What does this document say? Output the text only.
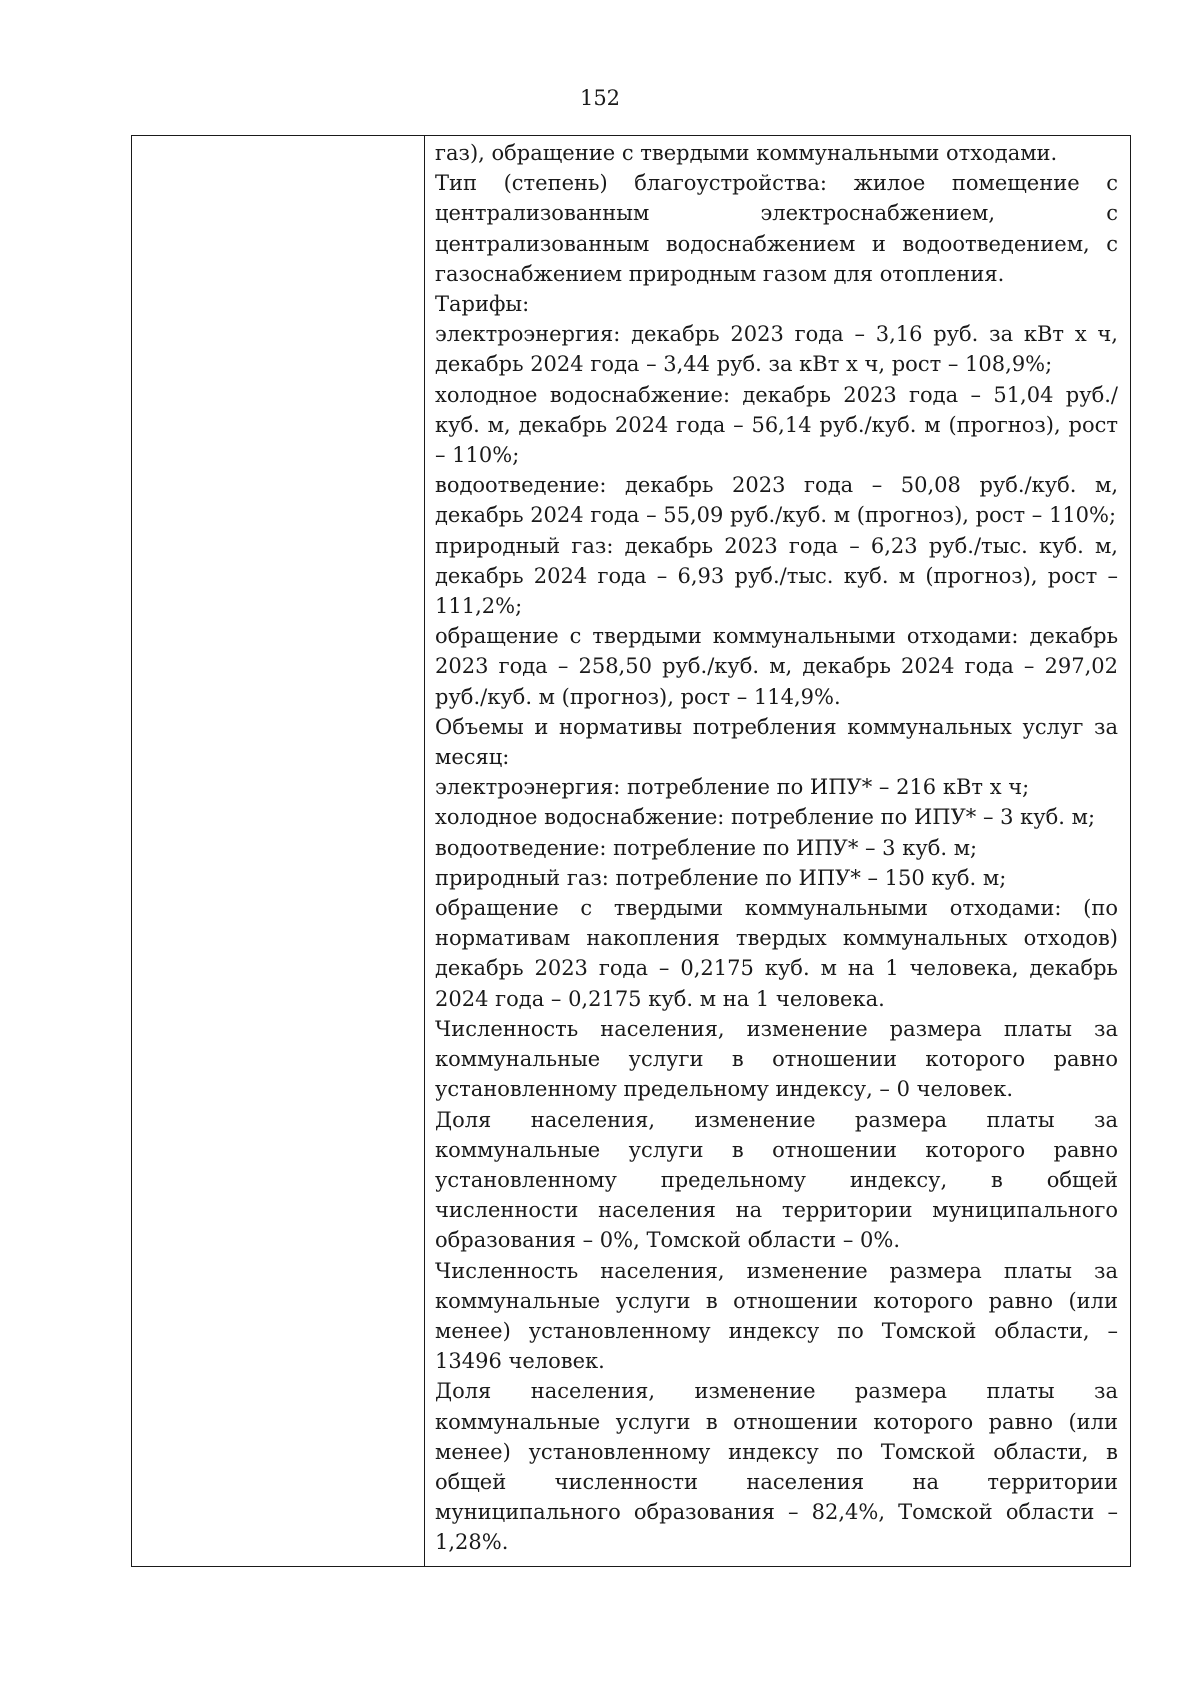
152

газ), обращение с твердыми коммунальными отходами.

Тип (степень) благоустройства: жилое помещение с централизованным электроснабжением, с централизованным водоснабжением и водоотведением, с газоснабжением природным газом для отопления.

Тарифы:

электроэнергия: декабрь 2023 года – 3,16 руб. за кВт x ч, декабрь 2024 года – 3,44 руб. за кВт x ч, рост – 108,9%;

холодное водоснабжение: декабрь 2023 года – 51,04 руб./куб. м, декабрь 2024 года – 56,14 руб./куб. м (прогноз), рост – 110%;

водоотведение: декабрь 2023 года – 50,08 руб./куб. м, декабрь 2024 года – 55,09 руб./куб. м (прогноз), рост – 110%;

природный газ: декабрь 2023 года – 6,23 руб./тыс. куб. м, декабрь 2024 года – 6,93 руб./тыс. куб. м (прогноз), рост – 111,2%;

обращение с твердыми коммунальными отходами: декабрь 2023 года – 258,50 руб./куб. м, декабрь 2024 года – 297,02 руб./куб. м (прогноз), рост – 114,9%.

Объемы и нормативы потребления коммунальных услуг за месяц:

электроэнергия: потребление по ИПУ* – 216 кВт x ч;

холодное водоснабжение: потребление по ИПУ* – 3 куб. м;

водоотведение: потребление по ИПУ* – 3 куб. м;

природный газ: потребление по ИПУ* – 150 куб. м;

обращение с твердыми коммунальными отходами: (по нормативам накопления твердых коммунальных отходов) декабрь 2023 года – 0,2175 куб. м на 1 человека, декабрь 2024 года – 0,2175 куб. м на 1 человека.

Численность населения, изменение размера платы за коммунальные услуги в отношении которого равно установленному предельному индексу, – 0 человек.

Доля населения, изменение размера платы за коммунальные услуги в отношении которого равно установленному предельному индексу, в общей численности населения на территории муниципального образования – 0%, Томской области – 0%.

Численность населения, изменение размера платы за коммунальные услуги в отношении которого равно (или менее) установленному индексу по Томской области, – 13496 человек.

Доля населения, изменение размера платы за коммунальные услуги в отношении которого равно (или менее) установленному индексу по Томской области, в общей численности населения на территории муниципального образования – 82,4%, Томской области – 1,28%.
